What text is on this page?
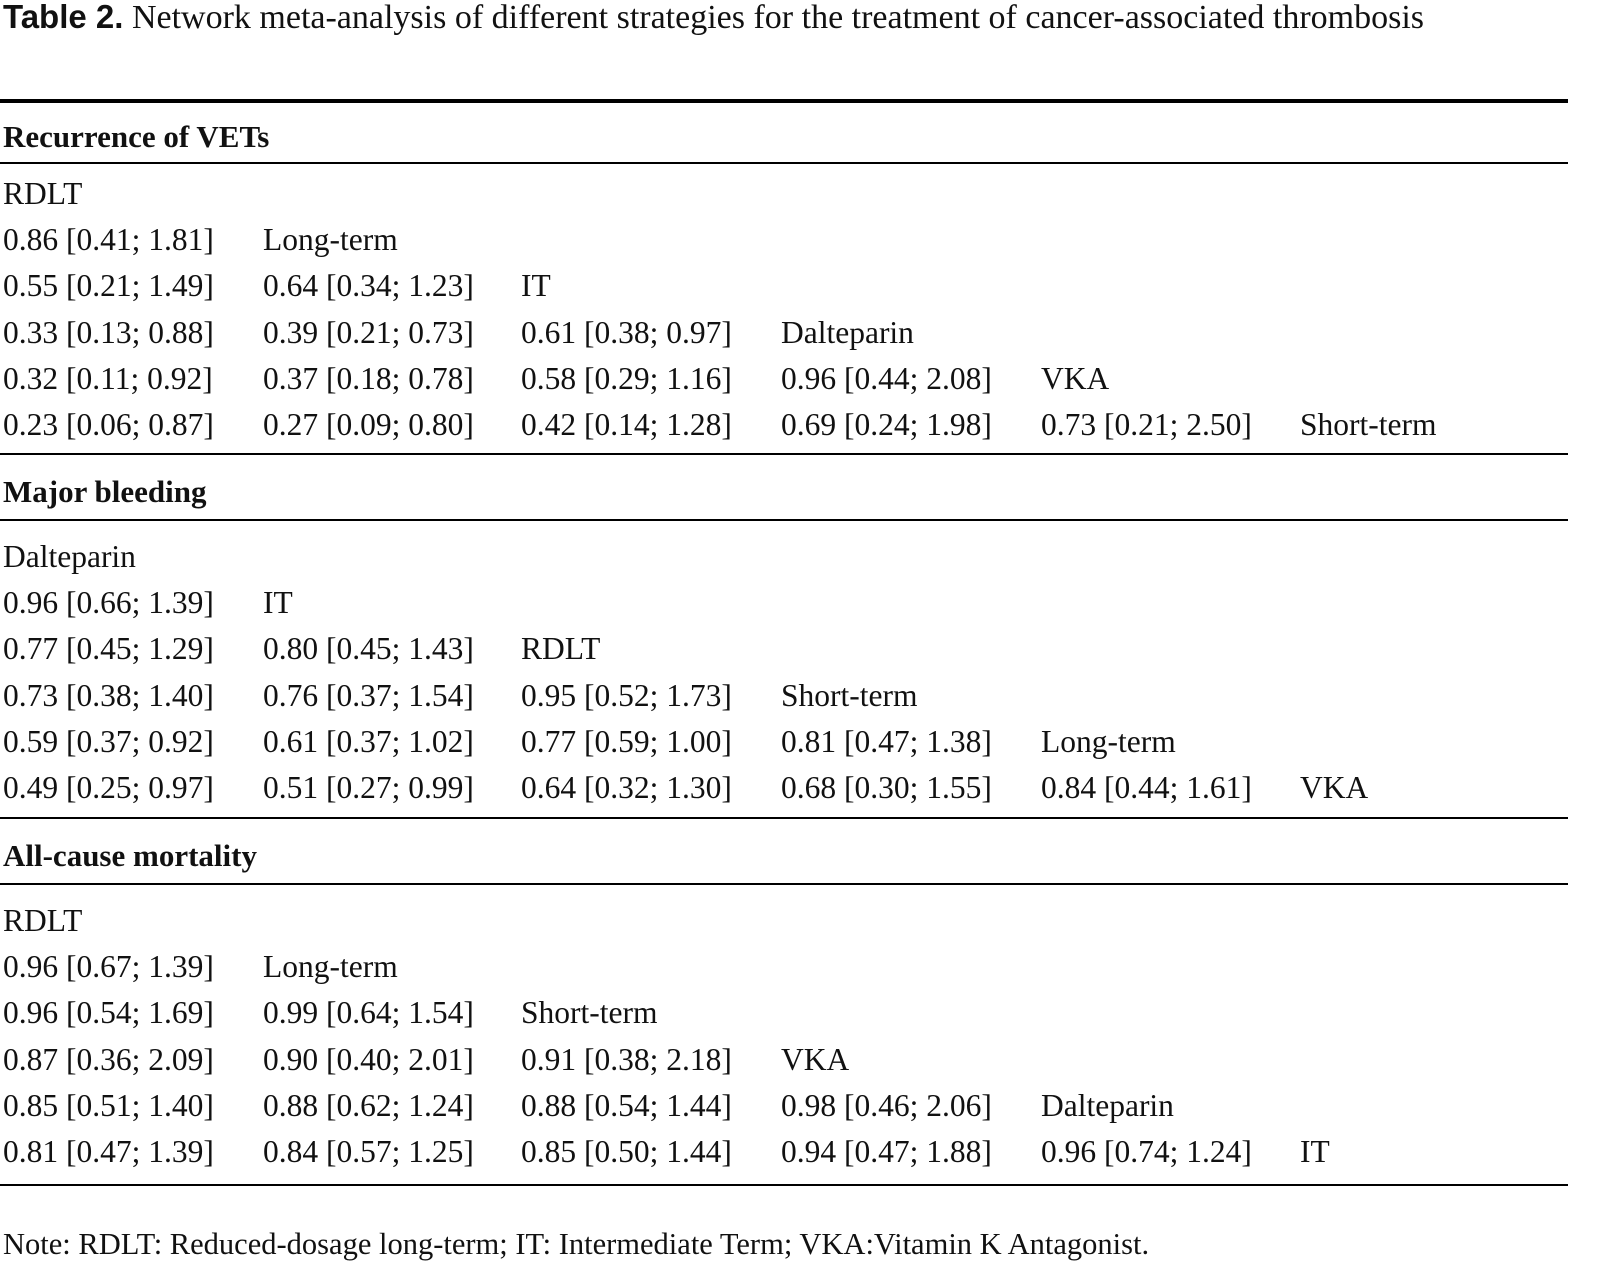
Table 2. Network meta-analysis of different strategies for the treatment of cancer-associated thrombosis
Recurrence of VETs
RDLT
0.86 [0.41; 1.81] Long-term
0.55 [0.21; 1.49] 0.64 [0.34; 1.23] IT
0.33 [0.13; 0.88] 0.39 [0.21; 0.73] 0.61 [0.38; 0.97] Dalteparin
0.32 [0.11; 0.92] 0.37 [0.18; 0.78] 0.58 [0.29; 1.16] 0.96 [0.44; 2.08] VKA
0.23 [0.06; 0.87] 0.27 [0.09; 0.80] 0.42 [0.14; 1.28] 0.69 [0.24; 1.98] 0.73 [0.21; 2.50] Short-term
Major bleeding
Dalteparin
0.96 [0.66; 1.39] IT
0.77 [0.45; 1.29] 0.80 [0.45; 1.43] RDLT
0.73 [0.38; 1.40] 0.76 [0.37; 1.54] 0.95 [0.52; 1.73] Short-term
0.59 [0.37; 0.92] 0.61 [0.37; 1.02] 0.77 [0.59; 1.00] 0.81 [0.47; 1.38] Long-term
0.49 [0.25; 0.97] 0.51 [0.27; 0.99] 0.64 [0.32; 1.30] 0.68 [0.30; 1.55] 0.84 [0.44; 1.61] VKA
All-cause mortality
RDLT
0.96 [0.67; 1.39] Long-term
0.96 [0.54; 1.69] 0.99 [0.64; 1.54] Short-term
0.87 [0.36; 2.09] 0.90 [0.40; 2.01] 0.91 [0.38; 2.18] VKA
0.85 [0.51; 1.40] 0.88 [0.62; 1.24] 0.88 [0.54; 1.44] 0.98 [0.46; 2.06] Dalteparin
0.81 [0.47; 1.39] 0.84 [0.57; 1.25] 0.85 [0.50; 1.44] 0.94 [0.47; 1.88] 0.96 [0.74; 1.24] IT
Note: RDLT: Reduced-dosage long-term; IT: Intermediate Term; VKA:Vitamin K Antagonist.
